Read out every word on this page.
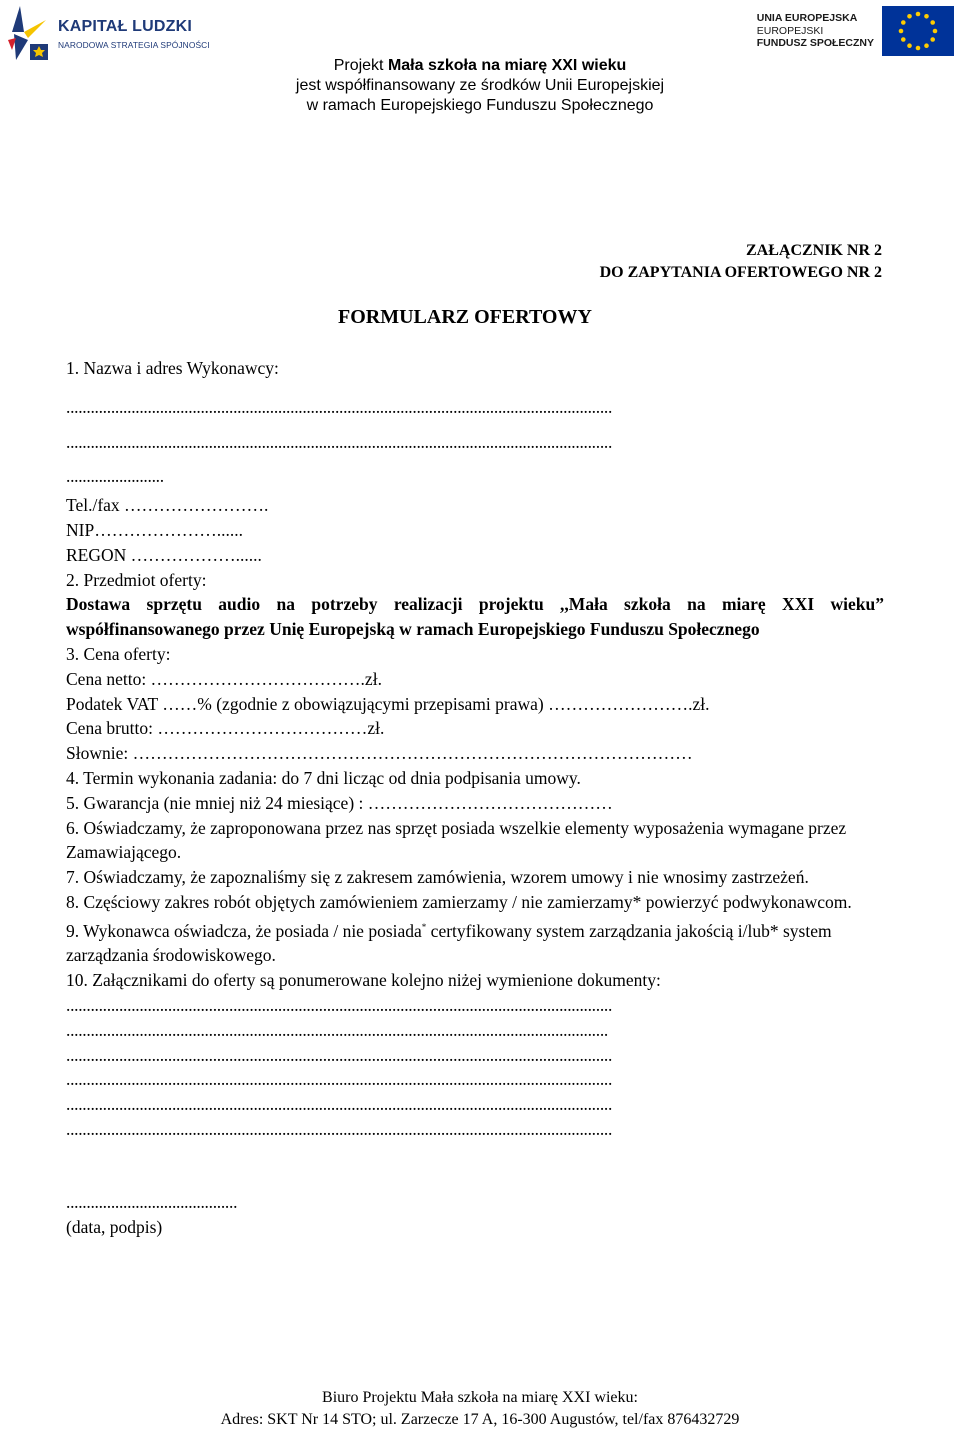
KAPITAŁ LUDZKI
NARODOWA STRATEGIA SPÓJNOŚCI
UNIA EUROPEJSKA
EUROPEJSKI
FUNDUSZ SPOŁECZNY
Projekt Mała szkoła na miarę XXI wieku
jest współfinansowany ze środków Unii Europejskiej
w ramach Europejskiego Funduszu Społecznego
ZAŁĄCZNIK NR 2
DO ZAPYTANIA OFERTOWEGO NR 2
FORMULARZ OFERTOWY
1. Nazwa i adres Wykonawcy:
......................................................................................................................................
......................................................................................................................................
........................
Tel./fax …………………….
NIP…………………......
REGON ………………......
2. Przedmiot oferty:
Dostawa sprzętu audio na potrzeby realizacji projektu ,,Mała szkoła na miarę XXI wieku” współfinansowanego przez Unię Europejską w ramach Europejskiego Funduszu Społecznego
3. Cena oferty:
Cena netto: ……………………………….zł.
Podatek VAT ……% (zgodnie z obowiązującymi przepisami prawa) …………………….zł.
Cena brutto: ………………………………zł.
Słownie: ……………………………………………………………………………………
4. Termin wykonania zadania: do 7 dni licząc od dnia podpisania umowy.
5. Gwarancja (nie mniej niż 24 miesiące) : ……………………………………
6. Oświadczamy, że zaproponowana przez nas sprzęt posiada wszelkie elementy wyposażenia wymagane przez Zamawiającego.
7. Oświadczamy, że zapoznaliśmy się z zakresem zamówienia, wzorem umowy i nie wnosimy zastrzeżeń.
8. Częściowy zakres robót objętych zamówieniem zamierzamy / nie zamierzamy* powierzyć podwykonawcom.
9. Wykonawca oświadcza, że posiada / nie posiada* certyfikowany system zarządzania jakością i/lub* system zarządzania środowiskowego.
10. Załącznikami do oferty są ponumerowane kolejno niżej wymienione dokumenty:
......................................................................................................................................
.....................................................................................................................................
......................................................................................................................................
......................................................................................................................................
......................................................................................................................................
......................................................................................................................................
..........................................
(data, podpis)
Biuro Projektu Mała szkoła na miarę XXI wieku:
Adres: SKT Nr 14 STO; ul. Zarzecze 17 A, 16-300 Augustów, tel/fax 876432729
